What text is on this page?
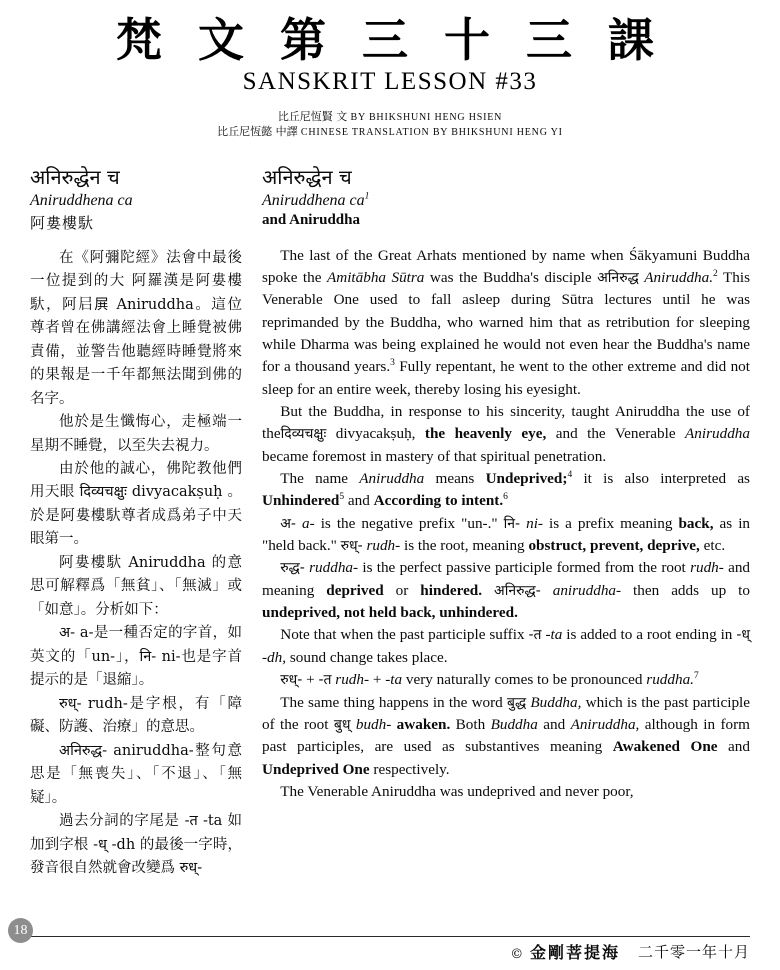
梵 文 第 三 十 三 課
SANSKRIT LESSON #33
比丘尼恆賢 文 BY BHIKSHUNI HENG HSIEN
比丘尼恆懿 中譯 CHINESE TRANSLATION BY BHIKSHUNI HENG YI
अनिरुद्धेन च
Aniruddhena ca
阿婁樓馱

在《阿彌陀經》法會中最後一位提到的大 阿羅漢是阿婁樓馱，阿𡰪𡱒 Aniruddha。這位尊者曾在佛講經法會上睡覺被佛責備，並警告他聽經時睡覺將來的果報是一千年都無法聞到佛的名字。

他於是生懺悔心，走極端一星期不睡覺，以至失去視力。

由於他的誠心，佛陀教他們用天眼 दिव्यचक्षुः divyacakṣuḥ 。於是阿婁樓馱尊者成爲弟子中天眼第一。

阿婁樓馱 Aniruddha 的意思可解釋爲「無貧」、「無滅」或「如意」。分析如下：

अ- a-是一種否定的字首，如英文的「un-」，नि- ni-也是字首提示的是「退縮」。

रुध्- rudh-是字根，有「障礙、防護、治療」的意思。

अनिरुद्ध- aniruddha-整句意思是「無喪失」、「不退」、「無疑」。

過去分詞的字尾是 -त -ta 如加到字根 -ध् -dh 的最後一字時，發音很自然就會改變爲 रुध्-

अनिरुद्धेन च
Aniruddhena $ca^1$
and Aniruddha

The last of the Great Arhats mentioned by name when Śākyamuni Buddha spoke the Amitābha Sūtra was the Buddha's disciple अनिरुद्ध Aniruddha.$^2$ This Venerable One used to fall asleep during Sūtra lectures until he was reprimanded by the Buddha, who warned him that as retribution for sleeping while Dharma was being explained he would not even hear the Buddha's name for a thousand years.$^3$ Fully repentant, he went to the other extreme and did not sleep for an entire week, thereby losing his eyesight.

But the Buddha, in response to his sincerity, taught Aniruddha the use of theदिव्यचक्षुः divyacakṣuḥ, the heavenly eye, and the Venerable Aniruddha became foremost in mastery of that spiritual penetration.

The name Aniruddha means Undeprived;$^4$ it is also interpreted as Unhindered$^5$ and According to intent.$^6$

अ- a- is the negative prefix "un-." नि- ni- is a prefix meaning back, as in "held back." रुध्- rudh- is the root, meaning obstruct, prevent, deprive, etc.

रुद्ध- ruddha- is the perfect passive participle formed from the root rudh- and meaning deprived or hindered. अनिरुद्ध- aniruddha- then adds up to undeprived, not held back, unhindered.

Note that when the past participle suffix -त -ta is added to a root ending in -ध् -dh, sound change takes place.

रुध्- + -त rudh- + -ta very naturally comes to be pronounced ruddha.$^7$

The same thing happens in the word बुद्ध Buddha, which is the past participle of the root बुध् budh- awaken. Both Buddha and Aniruddha, although in form past participles, are used as substantives meaning Awakened One and Undeprived One respectively.

The Venerable Aniruddha was undeprived and never poor,

18
© 金剛菩提海 二千零一年十月
